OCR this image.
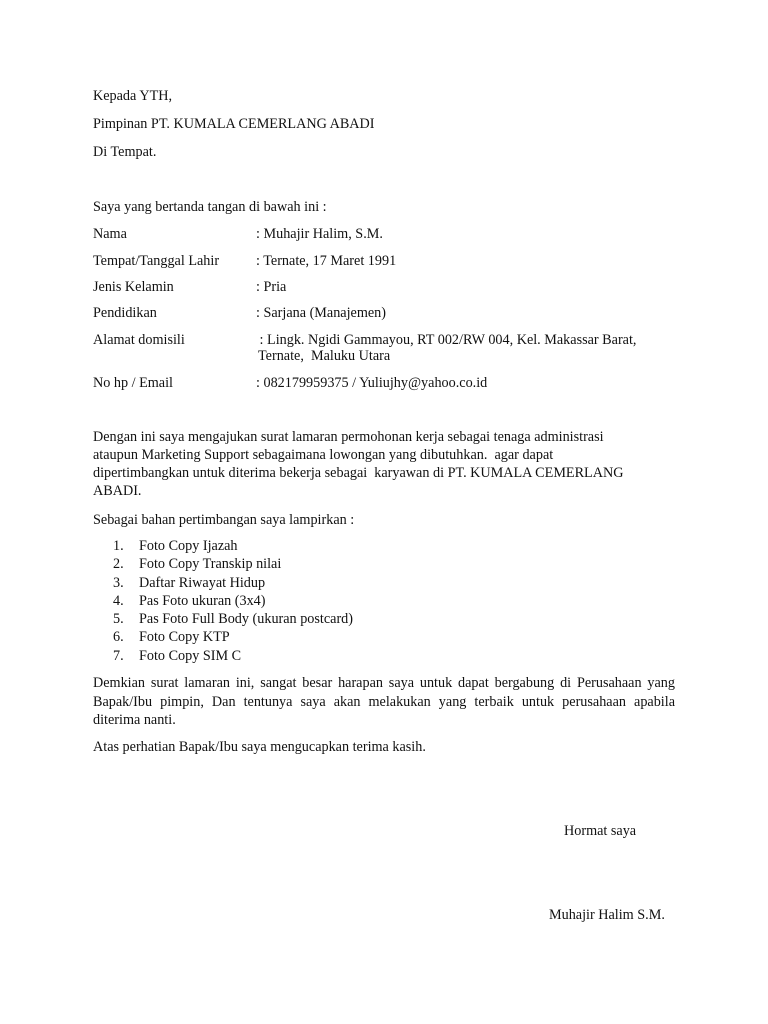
Kepada YTH,
Pimpinan PT. KUMALA CEMERLANG ABADI
Di Tempat.
Saya yang bertanda tangan di bawah ini :
Nama	: Muhajir Halim, S.M.
Tempat/Tanggal Lahir	: Ternate, 17 Maret 1991
Jenis Kelamin	: Pria
Pendidikan	: Sarjana (Manajemen)
Alamat domisili	: Lingk. Ngidi Gammayou, RT 002/RW 004, Kel. Makassar Barat,
Ternate,  Maluku Utara
No hp / Email	: 082179959375 / Yuliujhy@yahoo.co.id
Dengan ini saya mengajukan surat lamaran permohonan kerja sebagai tenaga administrasi
ataupun Marketing Support sebagaimana lowongan yang dibutuhkan.  agar dapat
dipertimbangkan untuk diterima bekerja sebagai  karyawan di PT. KUMALA CEMERLANG
ABADI.
Sebagai bahan pertimbangan saya lampirkan :
1. Foto Copy Ijazah
2. Foto Copy Transkip nilai
3. Daftar Riwayat Hidup
4. Pas Foto ukuran (3x4)
5. Pas Foto Full Body (ukuran postcard)
6. Foto Copy KTP
7. Foto Copy SIM C
Demkian surat lamaran ini, sangat besar harapan saya untuk dapat bergabung di Perusahaan yang Bapak/Ibu pimpin, Dan tentunya saya akan melakukan yang terbaik untuk perusahaan apabila diterima nanti.
Atas perhatian Bapak/Ibu saya mengucapkan terima kasih.
Hormat saya
Muhajir Halim S.M.
